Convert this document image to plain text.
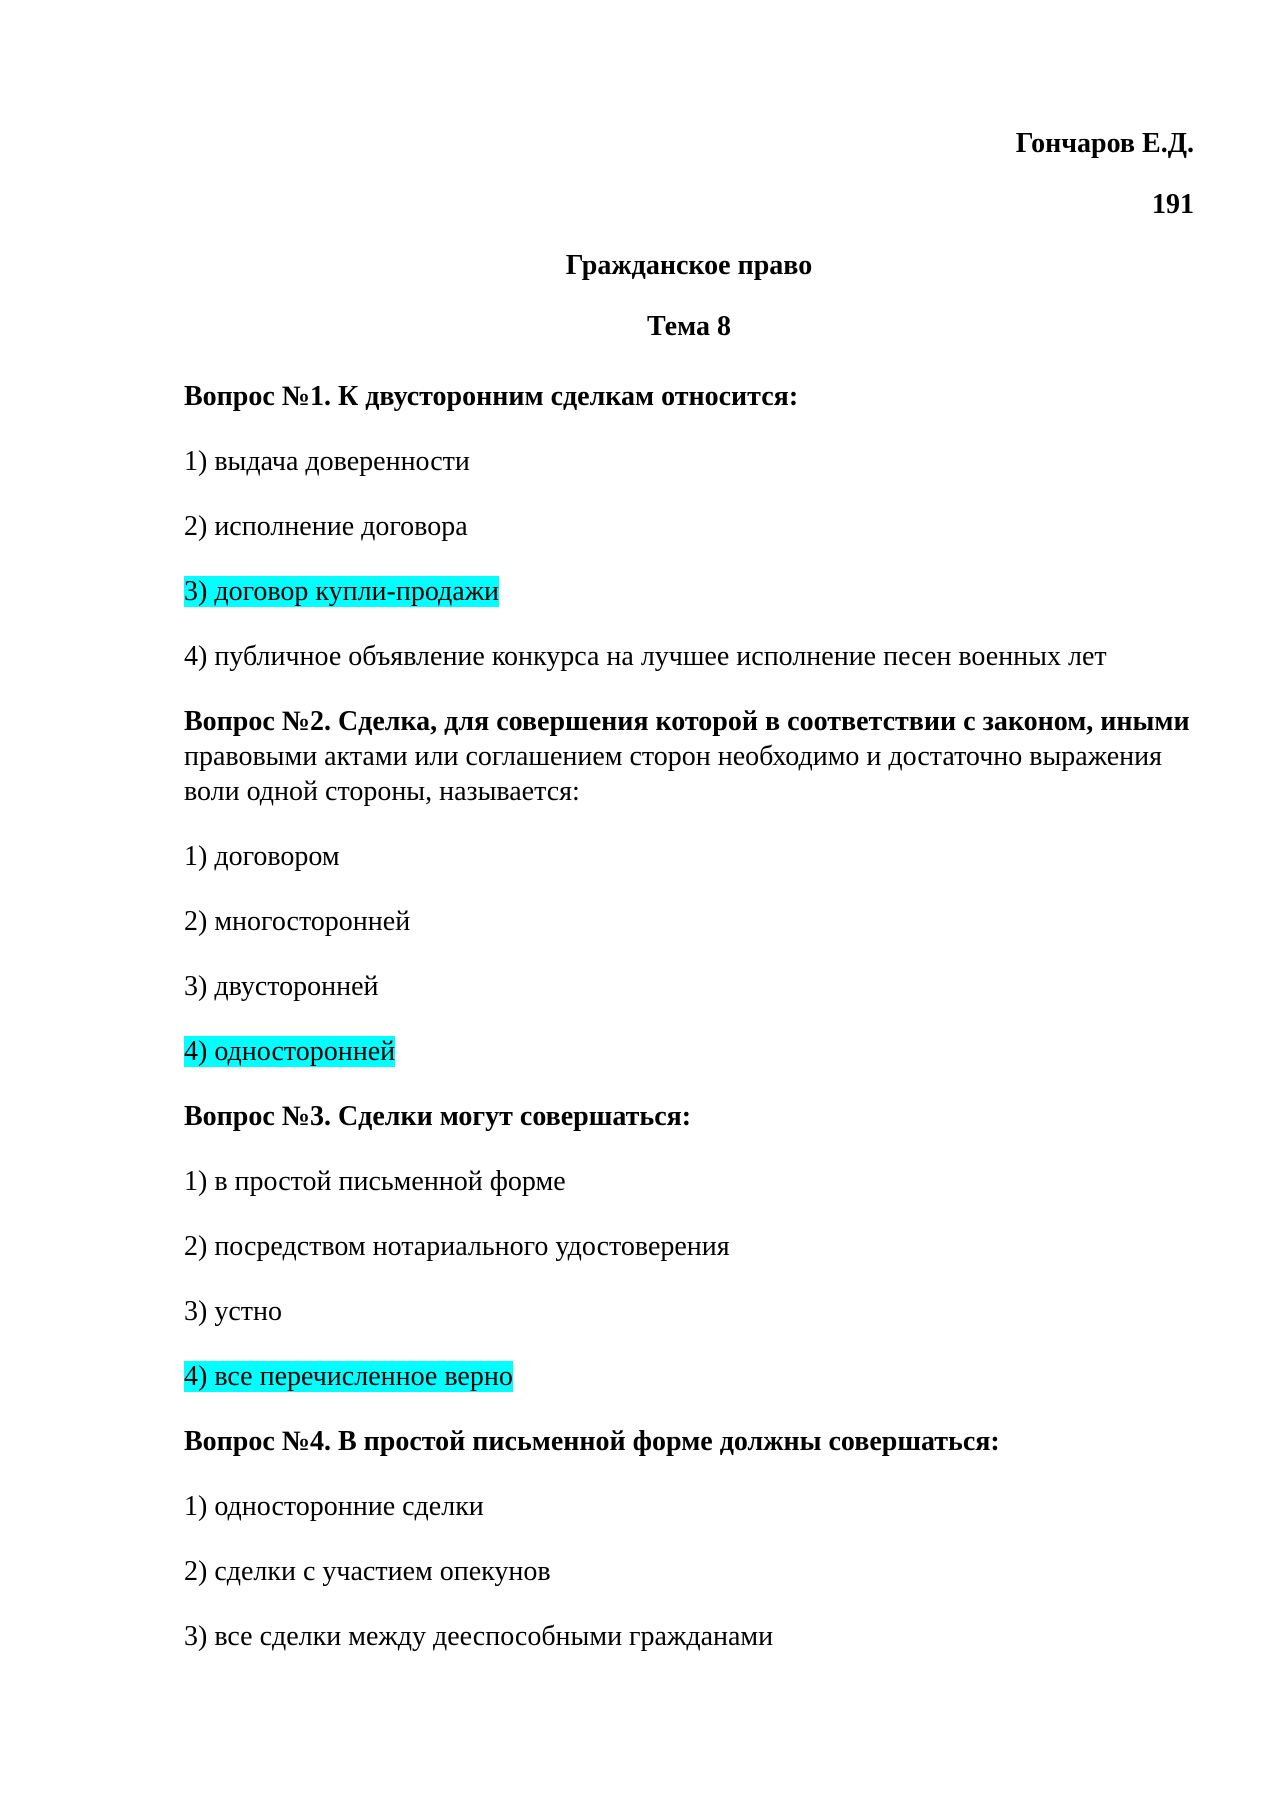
Гончаров Е.Д.
191
Гражданское право
Тема 8

Вопрос №1. К двусторонним сделкам относится:

1) выдача доверенности
2) исполнение договора
3) договор купли-продажи
4) публичное объявление конкурса на лучшее исполнение песен военных лет

Вопрос №2. Сделка, для совершения которой в соответствии с законом, иными правовыми актами или соглашением сторон необходимо и достаточно выражения воли одной стороны, называется:

1) договором
2) многосторонней
3) двусторонней
4) односторонней

Вопрос №3. Сделки могут совершаться:

1) в простой письменной форме
2) посредством нотариального удостоверения
3) устно
4) все перечисленное верно

Вопрос №4. В простой письменной форме должны совершаться:

1) односторонние сделки
2) сделки с участием опекунов
3) все сделки между дееспособными гражданами
